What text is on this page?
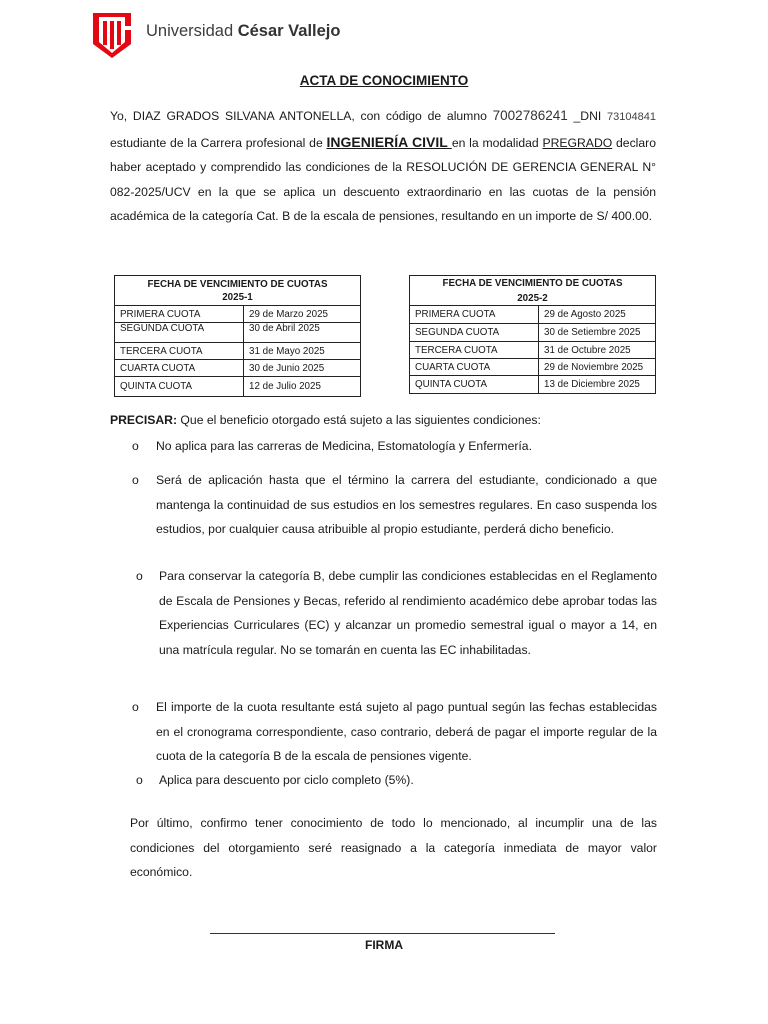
Universidad César Vallejo
ACTA DE CONOCIMIENTO
Yo, DIAZ GRADOS SILVANA ANTONELLA, con código de alumno 7002786241 _DNI 73104841 estudiante de la Carrera profesional de INGENIERÍA CIVIL en la modalidad PREGRADO declaro haber aceptado y comprendido las condiciones de la RESOLUCIÓN DE GERENCIA GENERAL N° 082-2025/UCV en la que se aplica un descuento extraordinario en las cuotas de la pensión académica de la categoría Cat. B de la escala de pensiones, resultando en un importe de S/ 400.00.
FECHA DE VENCIMIENTO DE CUOTAS
2025-1	

PRIMERA CUOTA	29 de Marzo 2025
SEGUNDA CUOTA	30 de Abril 2025
TERCERA CUOTA	31 de Mayo 2025
CUARTA CUOTA	30 de Junio 2025
QUINTA CUOTA	12 de Julio 2025
FECHA DE VENCIMIENTO DE CUOTAS
2025-2	

PRIMERA CUOTA	29 de Agosto 2025
SEGUNDA CUOTA	30 de Setiembre 2025
TERCERA CUOTA	31 de Octubre 2025
CUARTA CUOTA	29 de Noviembre 2025
QUINTA CUOTA	13 de Diciembre 2025
PRECISAR: Que el beneficio otorgado está sujeto a las siguientes condiciones:
o No aplica para las carreras de Medicina, Estomatología y Enfermería.
o Será de aplicación hasta que el término la carrera del estudiante, condicionado a que mantenga la continuidad de sus estudios en los semestres regulares. En caso suspenda los estudios, por cualquier causa atribuible al propio estudiante, perderá dicho beneficio.
o Para conservar la categoría B, debe cumplir las condiciones establecidas en el Reglamento de Escala de Pensiones y Becas, referido al rendimiento académico debe aprobar todas las Experiencias Curriculares (EC) y alcanzar un promedio semestral igual o mayor a 14, en una matrícula regular. No se tomarán en cuenta las EC inhabilitadas.
o El importe de la cuota resultante está sujeto al pago puntual según las fechas establecidas en el cronograma correspondiente, caso contrario, deberá de pagar el importe regular de la cuota de la categoría B de la escala de pensiones vigente.
o Aplica para descuento por ciclo completo (5%).
Por último, confirmo tener conocimiento de todo lo mencionado, al incumplir una de las condiciones del otorgamiento seré reasignado a la categoría inmediata de mayor valor económico.
FIRMA
